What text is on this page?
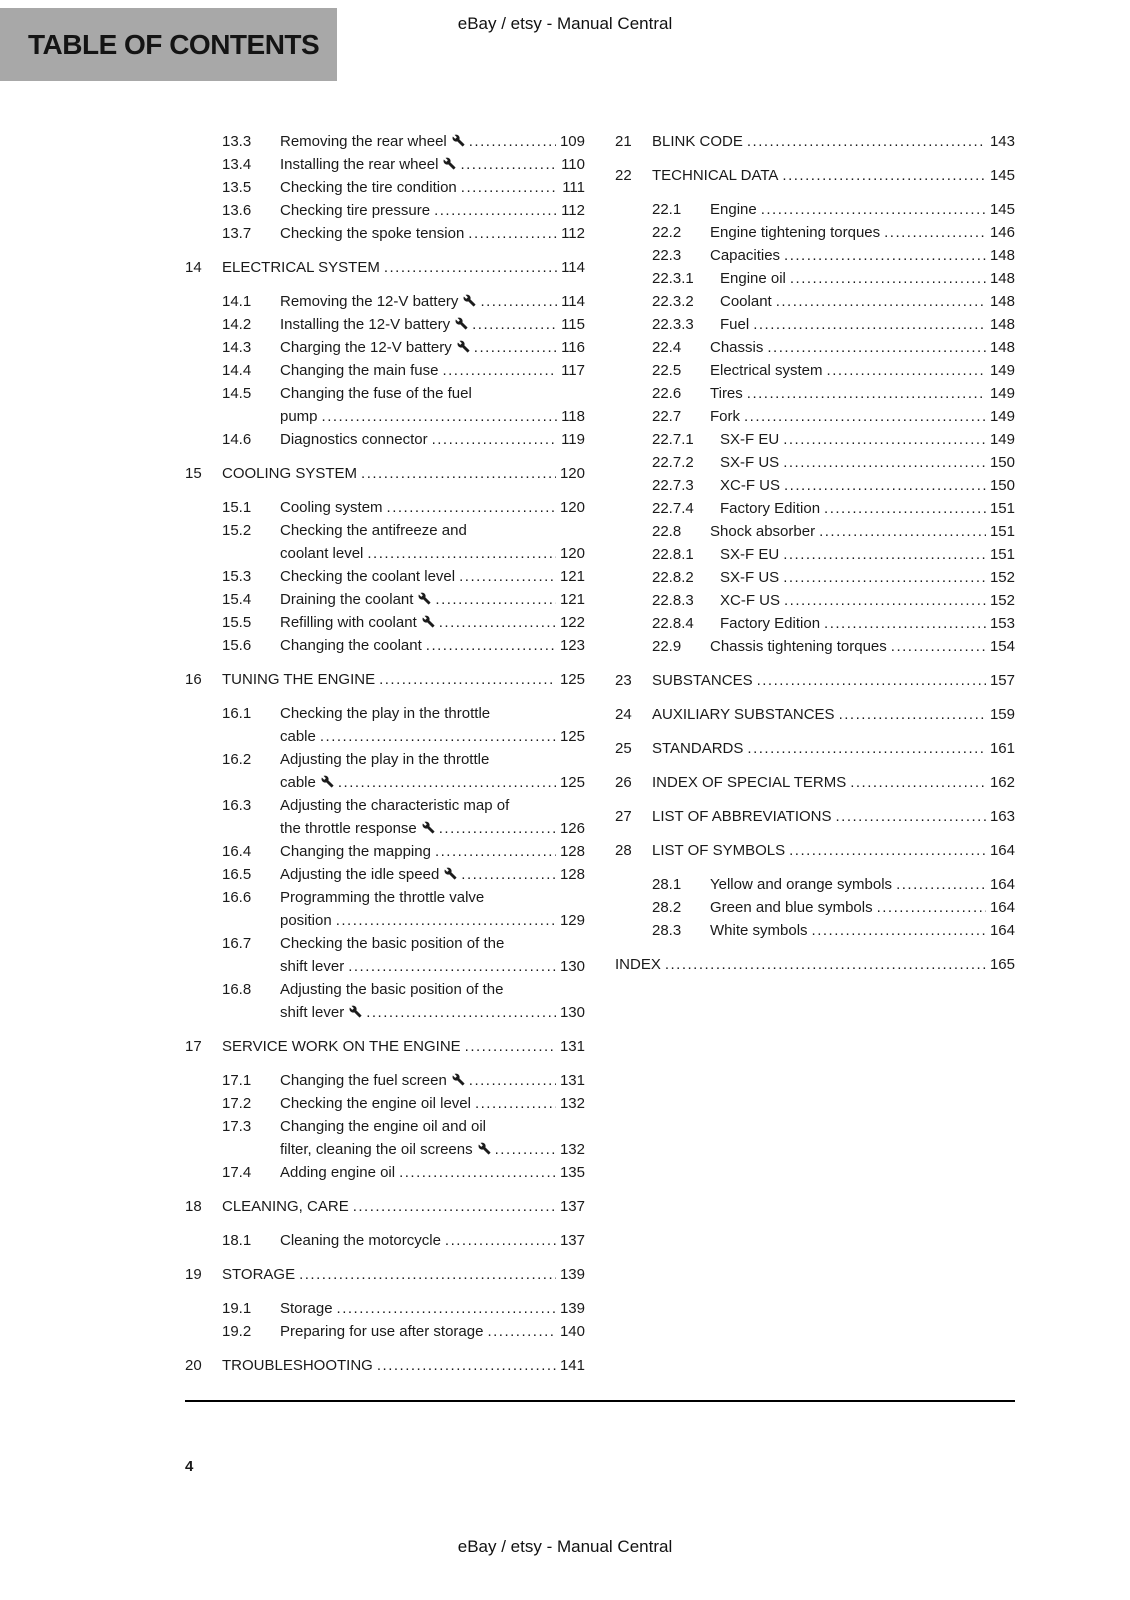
eBay / etsy - Manual Central
TABLE OF CONTENTS
13.3	Removing the rear wheel .....	109
13.4	Installing the rear wheel .....	110
13.5	Checking the tire condition .....	111
13.6	Checking tire pressure .....	112
13.7	Checking the spoke tension .....	112
14	ELECTRICAL SYSTEM .....	114
14.1	Removing the 12-V battery .....	114
14.2	Installing the 12-V battery .....	115
14.3	Charging the 12-V battery .....	116
14.4	Changing the main fuse .....	117
14.5	Changing the fuse of the fuel
pump .....	118
14.6	Diagnostics connector .....	119
15	COOLING SYSTEM .....	120
15.1	Cooling system .....	120
15.2	Checking the antifreeze and
coolant level .....	120
15.3	Checking the coolant level .....	121
15.4	Draining the coolant .....	121
15.5	Refilling with coolant .....	122
15.6	Changing the coolant .....	123
16	TUNING THE ENGINE .....	125
16.1	Checking the play in the throttle
cable .....	125
16.2	Adjusting the play in the throttle
cable .....	125
16.3	Adjusting the characteristic map of
the throttle response .....	126
16.4	Changing the mapping .....	128
16.5	Adjusting the idle speed .....	128
16.6	Programming the throttle valve
position .....	129
16.7	Checking the basic position of the
shift lever .....	130
16.8	Adjusting the basic position of the
shift lever .....	130
17	SERVICE WORK ON THE ENGINE .....	131
17.1	Changing the fuel screen .....	131
17.2	Checking the engine oil level .....	132
17.3	Changing the engine oil and oil
filter, cleaning the oil screens .....	132
17.4	Adding engine oil .....	135
18	CLEANING, CARE .....	137
18.1	Cleaning the motorcycle .....	137
19	STORAGE .....	139
19.1	Storage .....	139
19.2	Preparing for use after storage .....	140
20	TROUBLESHOOTING .....	141
21	BLINK CODE .....	143
22	TECHNICAL DATA .....	145
22.1	Engine .....	145
22.2	Engine tightening torques .....	146
22.3	Capacities .....	148
22.3.1	Engine oil .....	148
22.3.2	Coolant .....	148
22.3.3	Fuel .....	148
22.4	Chassis .....	148
22.5	Electrical system .....	149
22.6	Tires .....	149
22.7	Fork .....	149
22.7.1	SX-F EU .....	149
22.7.2	SX-F US .....	150
22.7.3	XC-F US .....	150
22.7.4	Factory Edition .....	151
22.8	Shock absorber .....	151
22.8.1	SX-F EU .....	151
22.8.2	SX-F US .....	152
22.8.3	XC-F US .....	152
22.8.4	Factory Edition .....	153
22.9	Chassis tightening torques .....	154
23	SUBSTANCES .....	157
24	AUXILIARY SUBSTANCES .....	159
25	STANDARDS .....	161
26	INDEX OF SPECIAL TERMS .....	162
27	LIST OF ABBREVIATIONS .....	163
28	LIST OF SYMBOLS .....	164
28.1	Yellow and orange symbols .....	164
28.2	Green and blue symbols .....	164
28.3	White symbols .....	164
INDEX .....	165
4
eBay / etsy - Manual Central
